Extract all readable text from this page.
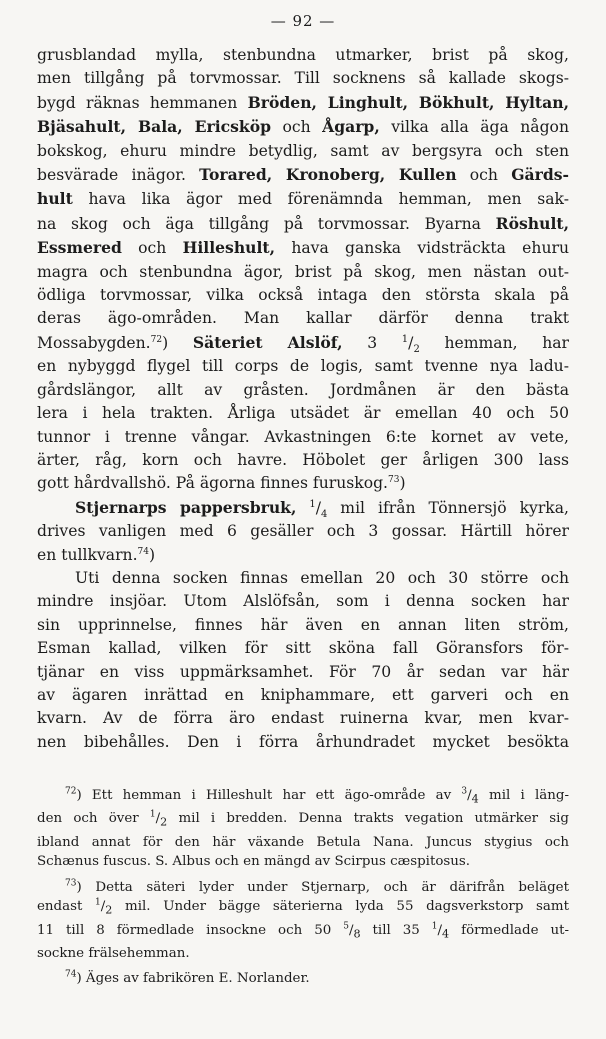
— 92 —
grusblandad mylla, stenbundna utmarker, brist på skog,
men tillgång på torvmossar. Till socknens så kallade skogs-
bygd räknas hemmanen Bröden, Linghult, Bökhult, Hyltan,
Bjäsahult, Bala, Ericsköp och Ågarp, vilka alla äga någon
bokskog, ehuru mindre betydlig, samt av bergsyra och sten
besvärade inägor. Torared, Kronoberg, Kullen och Gärds-
hult hava lika ägor med förenämnda hemman, men sak-
na skog och äga tillgång på torvmossar. Byarna Röshult,
Essmered och Hilleshult, hava ganska vidsträckta ehuru
magra och stenbundna ägor, brist på skog, men nästan out-
ödliga torvmossar, vilka också intaga den största skala på
deras ägo-områden. Man kallar därför denna trakt
Mossabygden.$^{72}$) Säteriet Alslöf, 3 $^1/_2$ hemman, har
en nybyggd flygel till corps de logis, samt tvenne nya ladu-
gårdslängor, allt av gråsten. Jordmånen är den bästa
lera i hela trakten. Årliga utsädet är emellan 40 och 50
tunnor i trenne vångar. Avkastningen 6:te kornet av vete,
ärter, råg, korn och havre. Höbolet ger årligen 300 lass
gott hårdvallshö. På ägorna finnes furuskog.$^{73}$)
Stjernarps pappersbruk, $^1/_4$ mil ifrån Tönnersjö kyrka,
drives vanligen med 6 gesäller och 3 gossar. Härtill hörer
en tullkvarn.$^{74}$)
Uti denna socken finnas emellan 20 och 30 större och
mindre insjöar. Utom Alslöfsån, som i denna socken har
sin upprinnelse, finnes här även en annan liten ström,
Esman kallad, vilken för sitt sköna fall Göransfors för-
tjänar en viss uppmärksamhet. För 70 år sedan var här
av ägaren inrättad en kniphammare, ett garveri och en
kvarn. Av de förra äro endast ruinerna kvar, men kvar-
nen bibehålles. Den i förra århundradet mycket besökta
$^{72}$) Ett hemman i Hilleshult har ett ägo-område av $^3/_4$ mil i läng-
den och över $^1/_2$ mil i bredden. Denna trakts vegation utmärker sig
ibland annat för den här växande Betula Nana. Juncus stygius och
Schænus fuscus. S. Albus och en mängd av Scirpus cæspitosus.
$^{73}$) Detta säteri lyder under Stjernarp, och är därifrån beläget
endast $^1/_2$ mil. Under bägge säterierna lyda 55 dagsverkstorp samt
11 till 8 förmedlade insockne och 50 $^5/_8$ till 35 $^1/_4$ förmedlade ut-
sockne frälsehemman.
$^{74}$) Äges av fabrikören E. Norlander.
